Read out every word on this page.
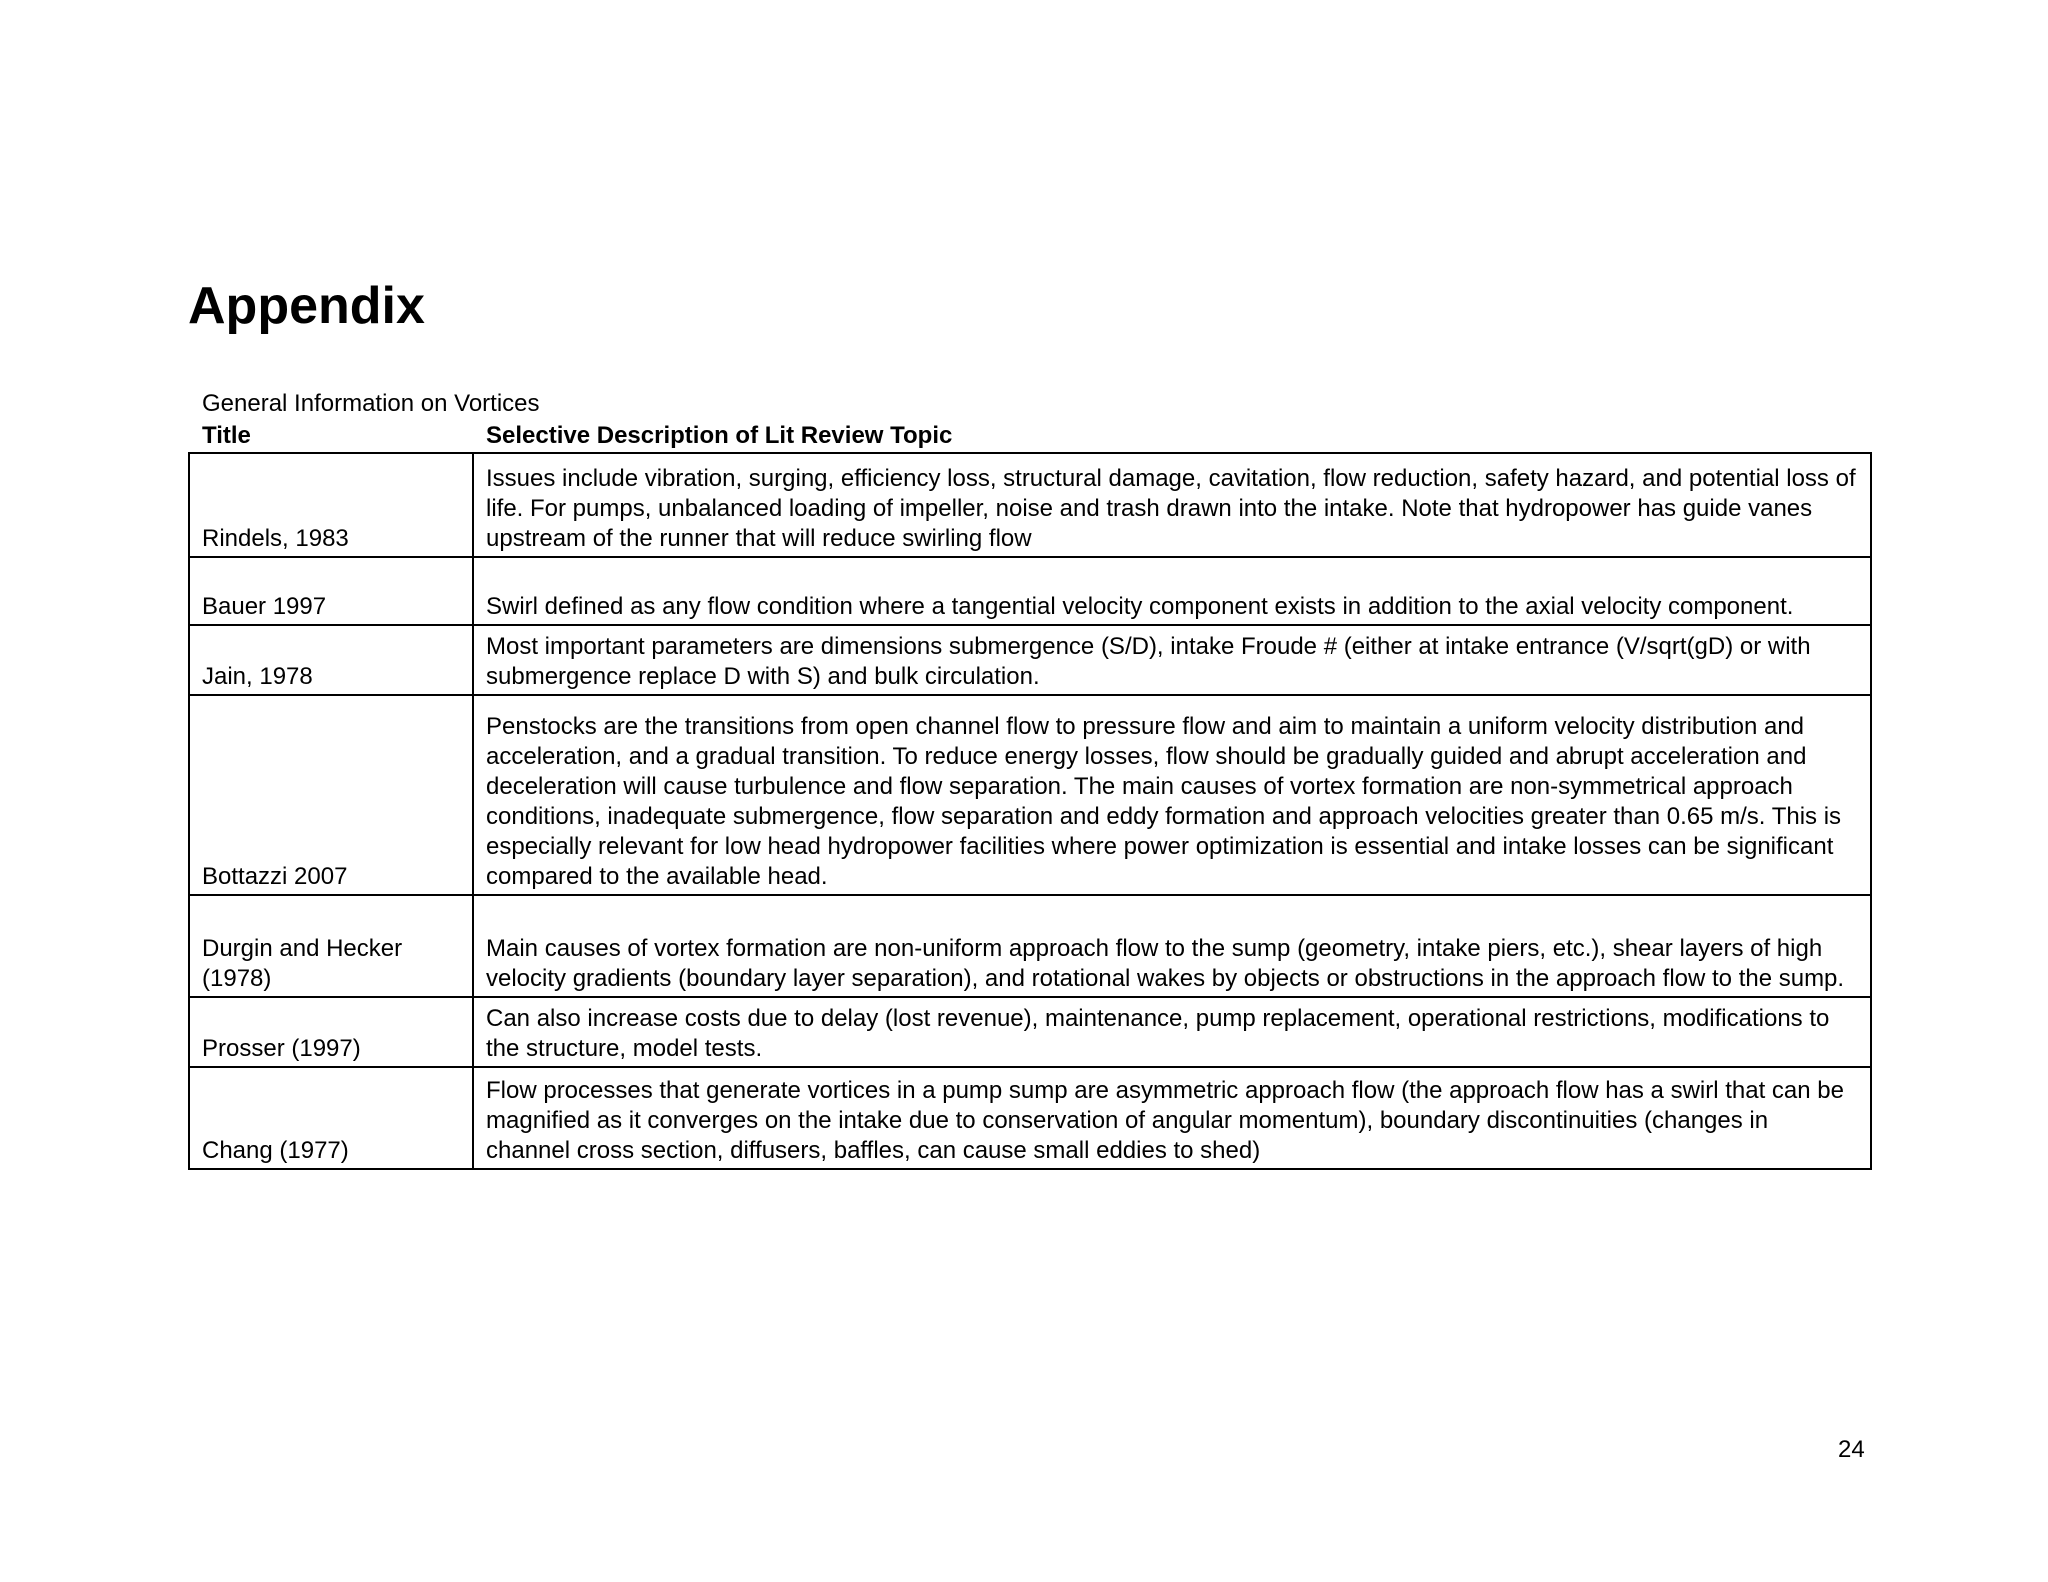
Appendix
General Information on Vortices
Title	Selective Description of Lit Review Topic
Rindels, 1983	Issues include vibration, surging, efficiency loss, structural damage, cavitation, flow reduction, safety hazard, and potential loss of life. For pumps, unbalanced loading of impeller, noise and trash drawn into the intake. Note that hydropower has guide vanes upstream of the runner that will reduce swirling flow
Bauer 1997	Swirl defined as any flow condition where a tangential velocity component exists in addition to the axial velocity component.
Jain, 1978	Most important parameters are dimensions submergence (S/D), intake Froude # (either at intake entrance (V/sqrt(gD) or with submergence replace D with S) and bulk circulation.
Bottazzi 2007	Penstocks are the transitions from open channel flow to pressure flow and aim to maintain a uniform velocity distribution and acceleration, and a gradual transition. To reduce energy losses, flow should be gradually guided and abrupt acceleration and deceleration will cause turbulence and flow separation. The main causes of vortex formation are non-symmetrical approach conditions, inadequate submergence, flow separation and eddy formation and approach velocities greater than 0.65 m/s. This is especially relevant for low head hydropower facilities where power optimization is essential and intake losses can be significant compared to the available head.
Durgin and Hecker (1978)	Main causes of vortex formation are non-uniform approach flow to the sump (geometry, intake piers, etc.), shear layers of high velocity gradients (boundary layer separation), and rotational wakes by objects or obstructions in the approach flow to the sump.
Prosser (1997)	Can also increase costs due to delay (lost revenue), maintenance, pump replacement, operational restrictions, modifications to the structure, model tests.
Chang (1977)	Flow processes that generate vortices in a pump sump are asymmetric approach flow (the approach flow has a swirl that can be magnified as it converges on the intake due to conservation of angular momentum), boundary discontinuities (changes in channel cross section, diffusers, baffles, can cause small eddies to shed)
24
